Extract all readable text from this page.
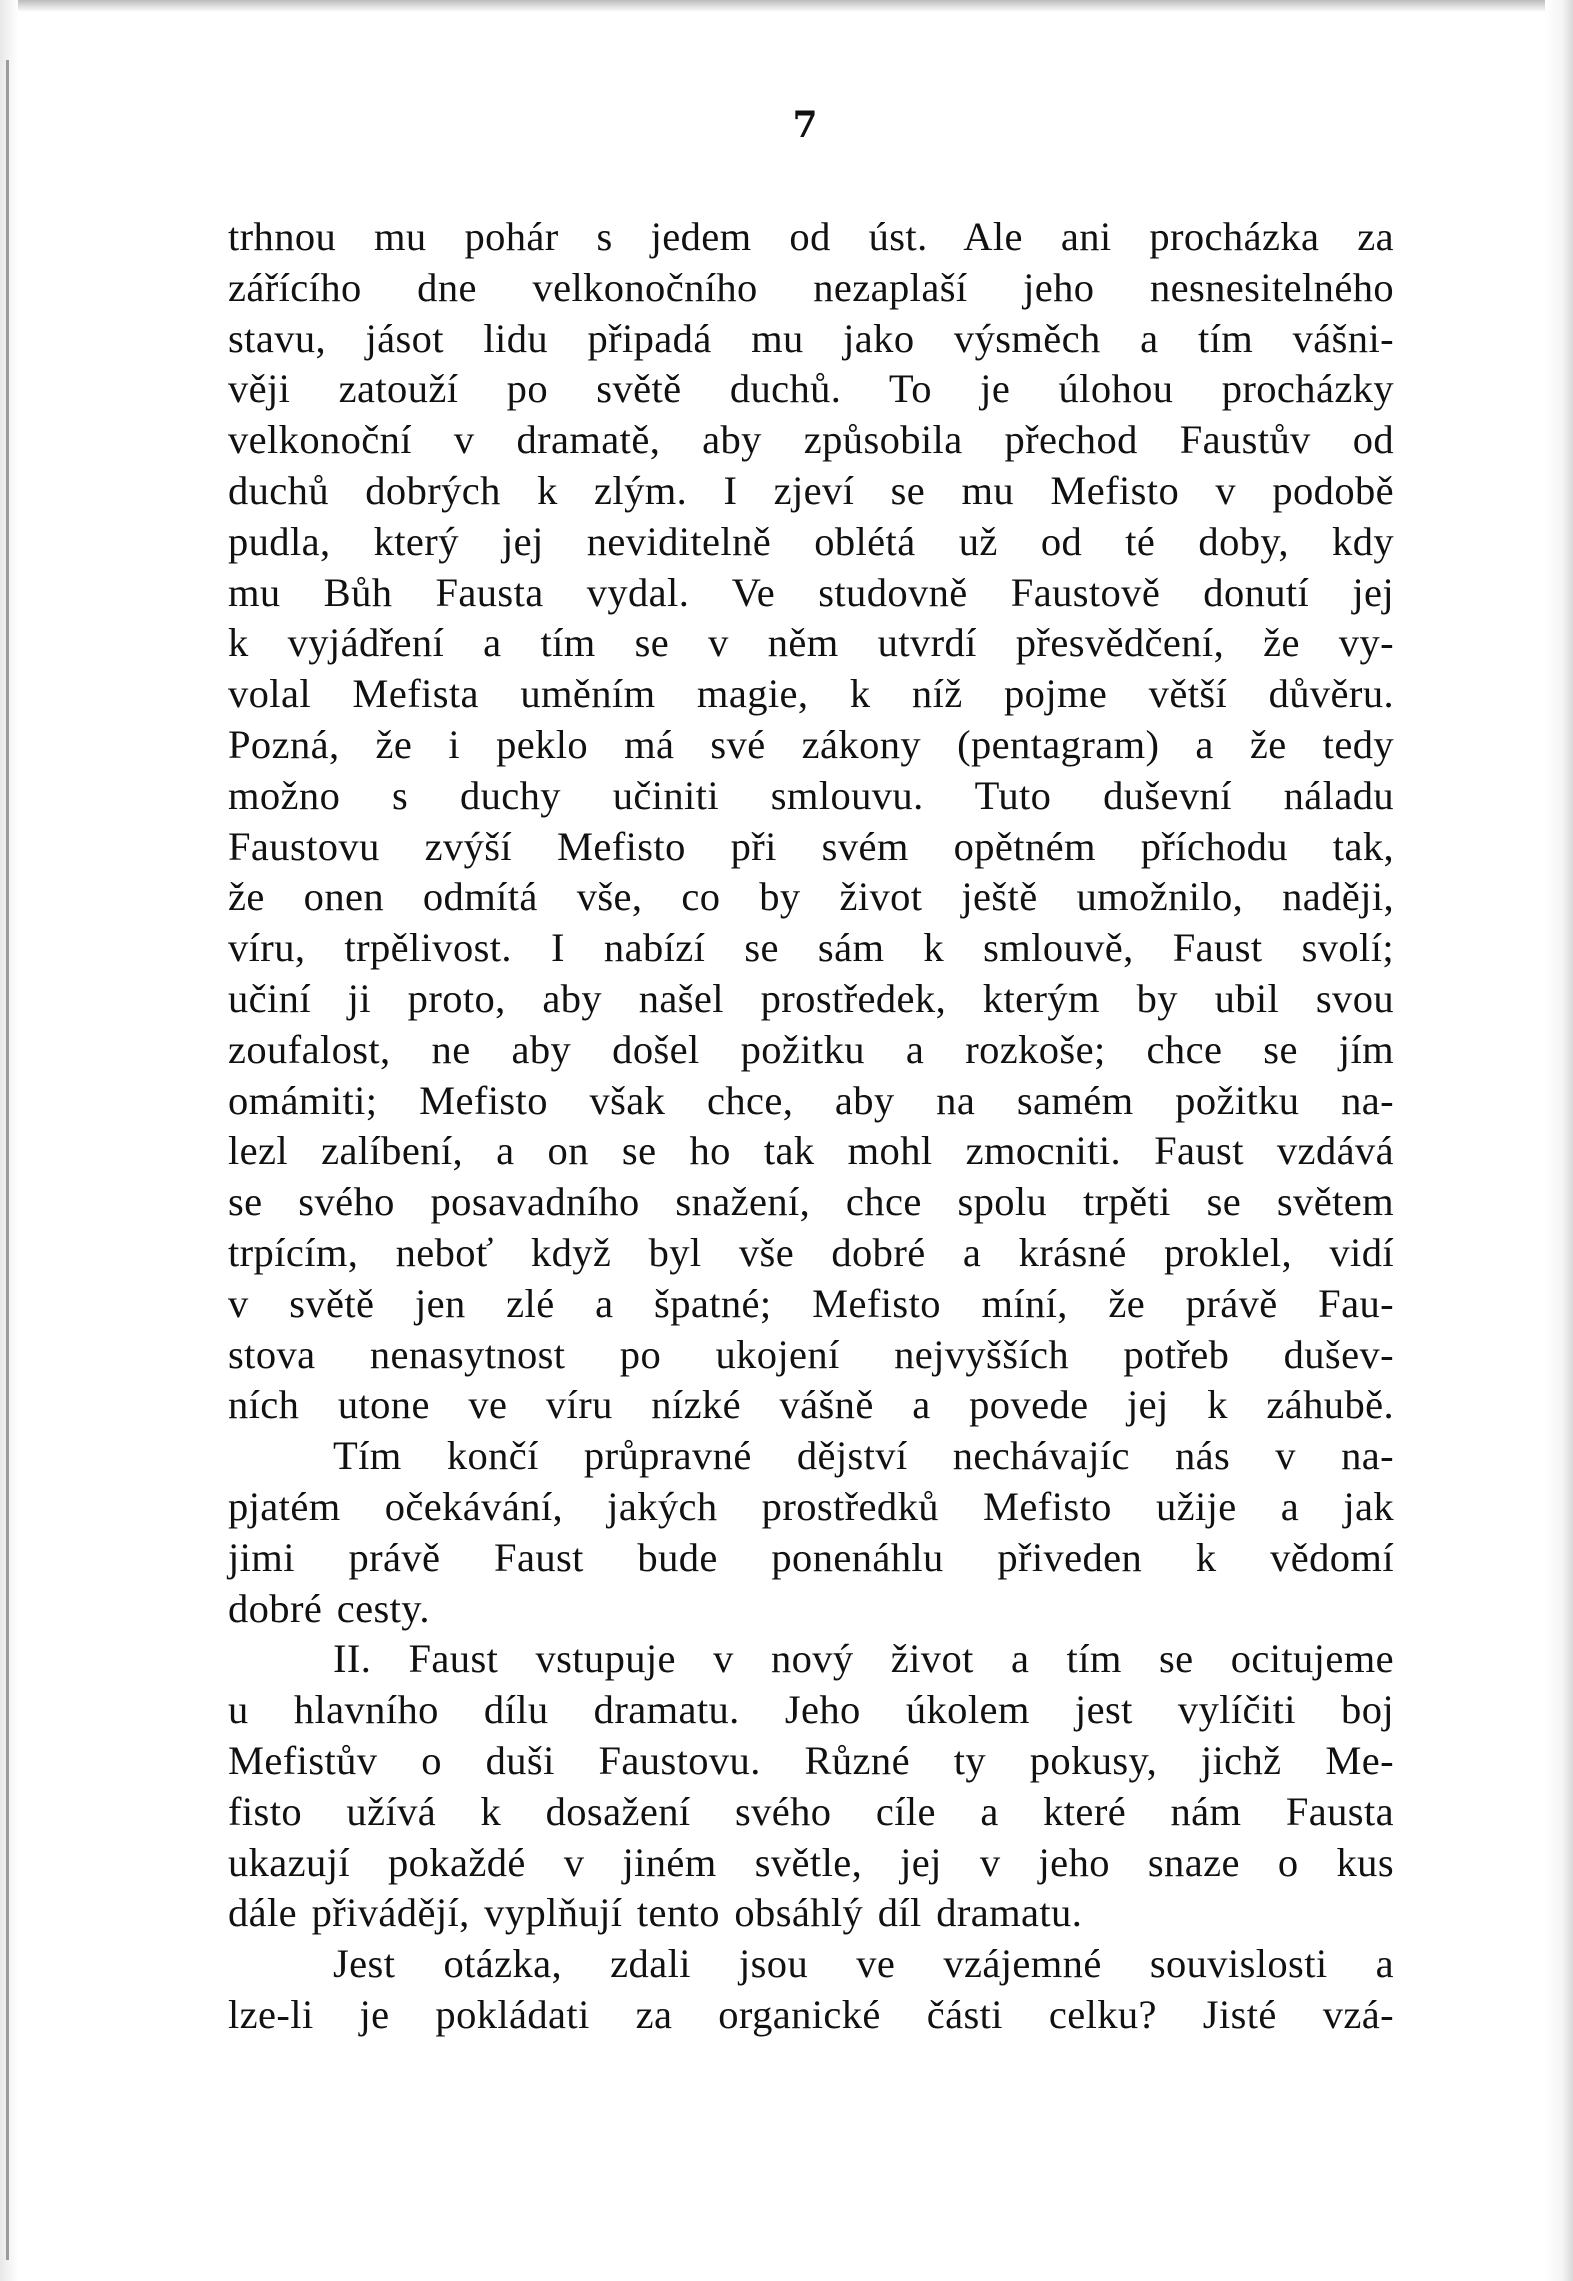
7
trhnou mu pohár s jedem od úst. Ale ani procházka za
zářícího dne velkonočního nezaplaší jeho nesnesitelného
stavu, jásot lidu připadá mu jako výsměch a tím vášni-
věji zatouží po světě duchů. To je úlohou procházky
velkonoční v dramatě, aby způsobila přechod Faustův od
duchů dobrých k zlým. I zjeví se mu Mefisto v podobě
pudla, který jej neviditelně oblétá už od té doby, kdy
mu Bůh Fausta vydal. Ve studovně Faustově donutí jej
k vyjádření a tím se v něm utvrdí přesvědčení, že vy-
volal Mefista uměním magie, k níž pojme větší důvěru.
Pozná, že i peklo má své zákony (pentagram) a že tedy
možno s duchy učiniti smlouvu. Tuto duševní náladu
Faustovu zvýší Mefisto při svém opětném příchodu tak,
že onen odmítá vše, co by život ještě umožnilo, naději,
víru, trpělivost. I nabízí se sám k smlouvě, Faust svolí;
učiní ji proto, aby našel prostředek, kterým by ubil svou
zoufalost, ne aby došel požitku a rozkoše; chce se jím
omámiti; Mefisto však chce, aby na samém požitku na-
lezl zalíbení, a on se ho tak mohl zmocniti. Faust vzdává
se svého posavadního snažení, chce spolu trpěti se světem
trpícím, neboť když byl vše dobré a krásné proklel, vidí
v světě jen zlé a špatné; Mefisto míní, že právě Fau-
stova nenasytnost po ukojení nejvyšších potřeb dušev-
ních utone ve víru nízké vášně a povede jej k záhubě.
Tím končí průpravné dějství nechávajíc nás v na-
pjatém očekávání, jakých prostředků Mefisto užije a jak
jimi právě Faust bude ponenáhlu přiveden k vědomí
dobré cesty.
II. Faust vstupuje v nový život a tím se ocitujeme
u hlavního dílu dramatu. Jeho úkolem jest vylíčiti boj
Mefistův o duši Faustovu. Různé ty pokusy, jichž Me-
fisto užívá k dosažení svého cíle a které nám Fausta
ukazují pokaždé v jiném světle, jej v jeho snaze o kus
dále přivádějí, vyplňují tento obsáhlý díl dramatu.
Jest otázka, zdali jsou ve vzájemné souvislosti a
lze-li je pokládati za organické části celku? Jisté vzá-
